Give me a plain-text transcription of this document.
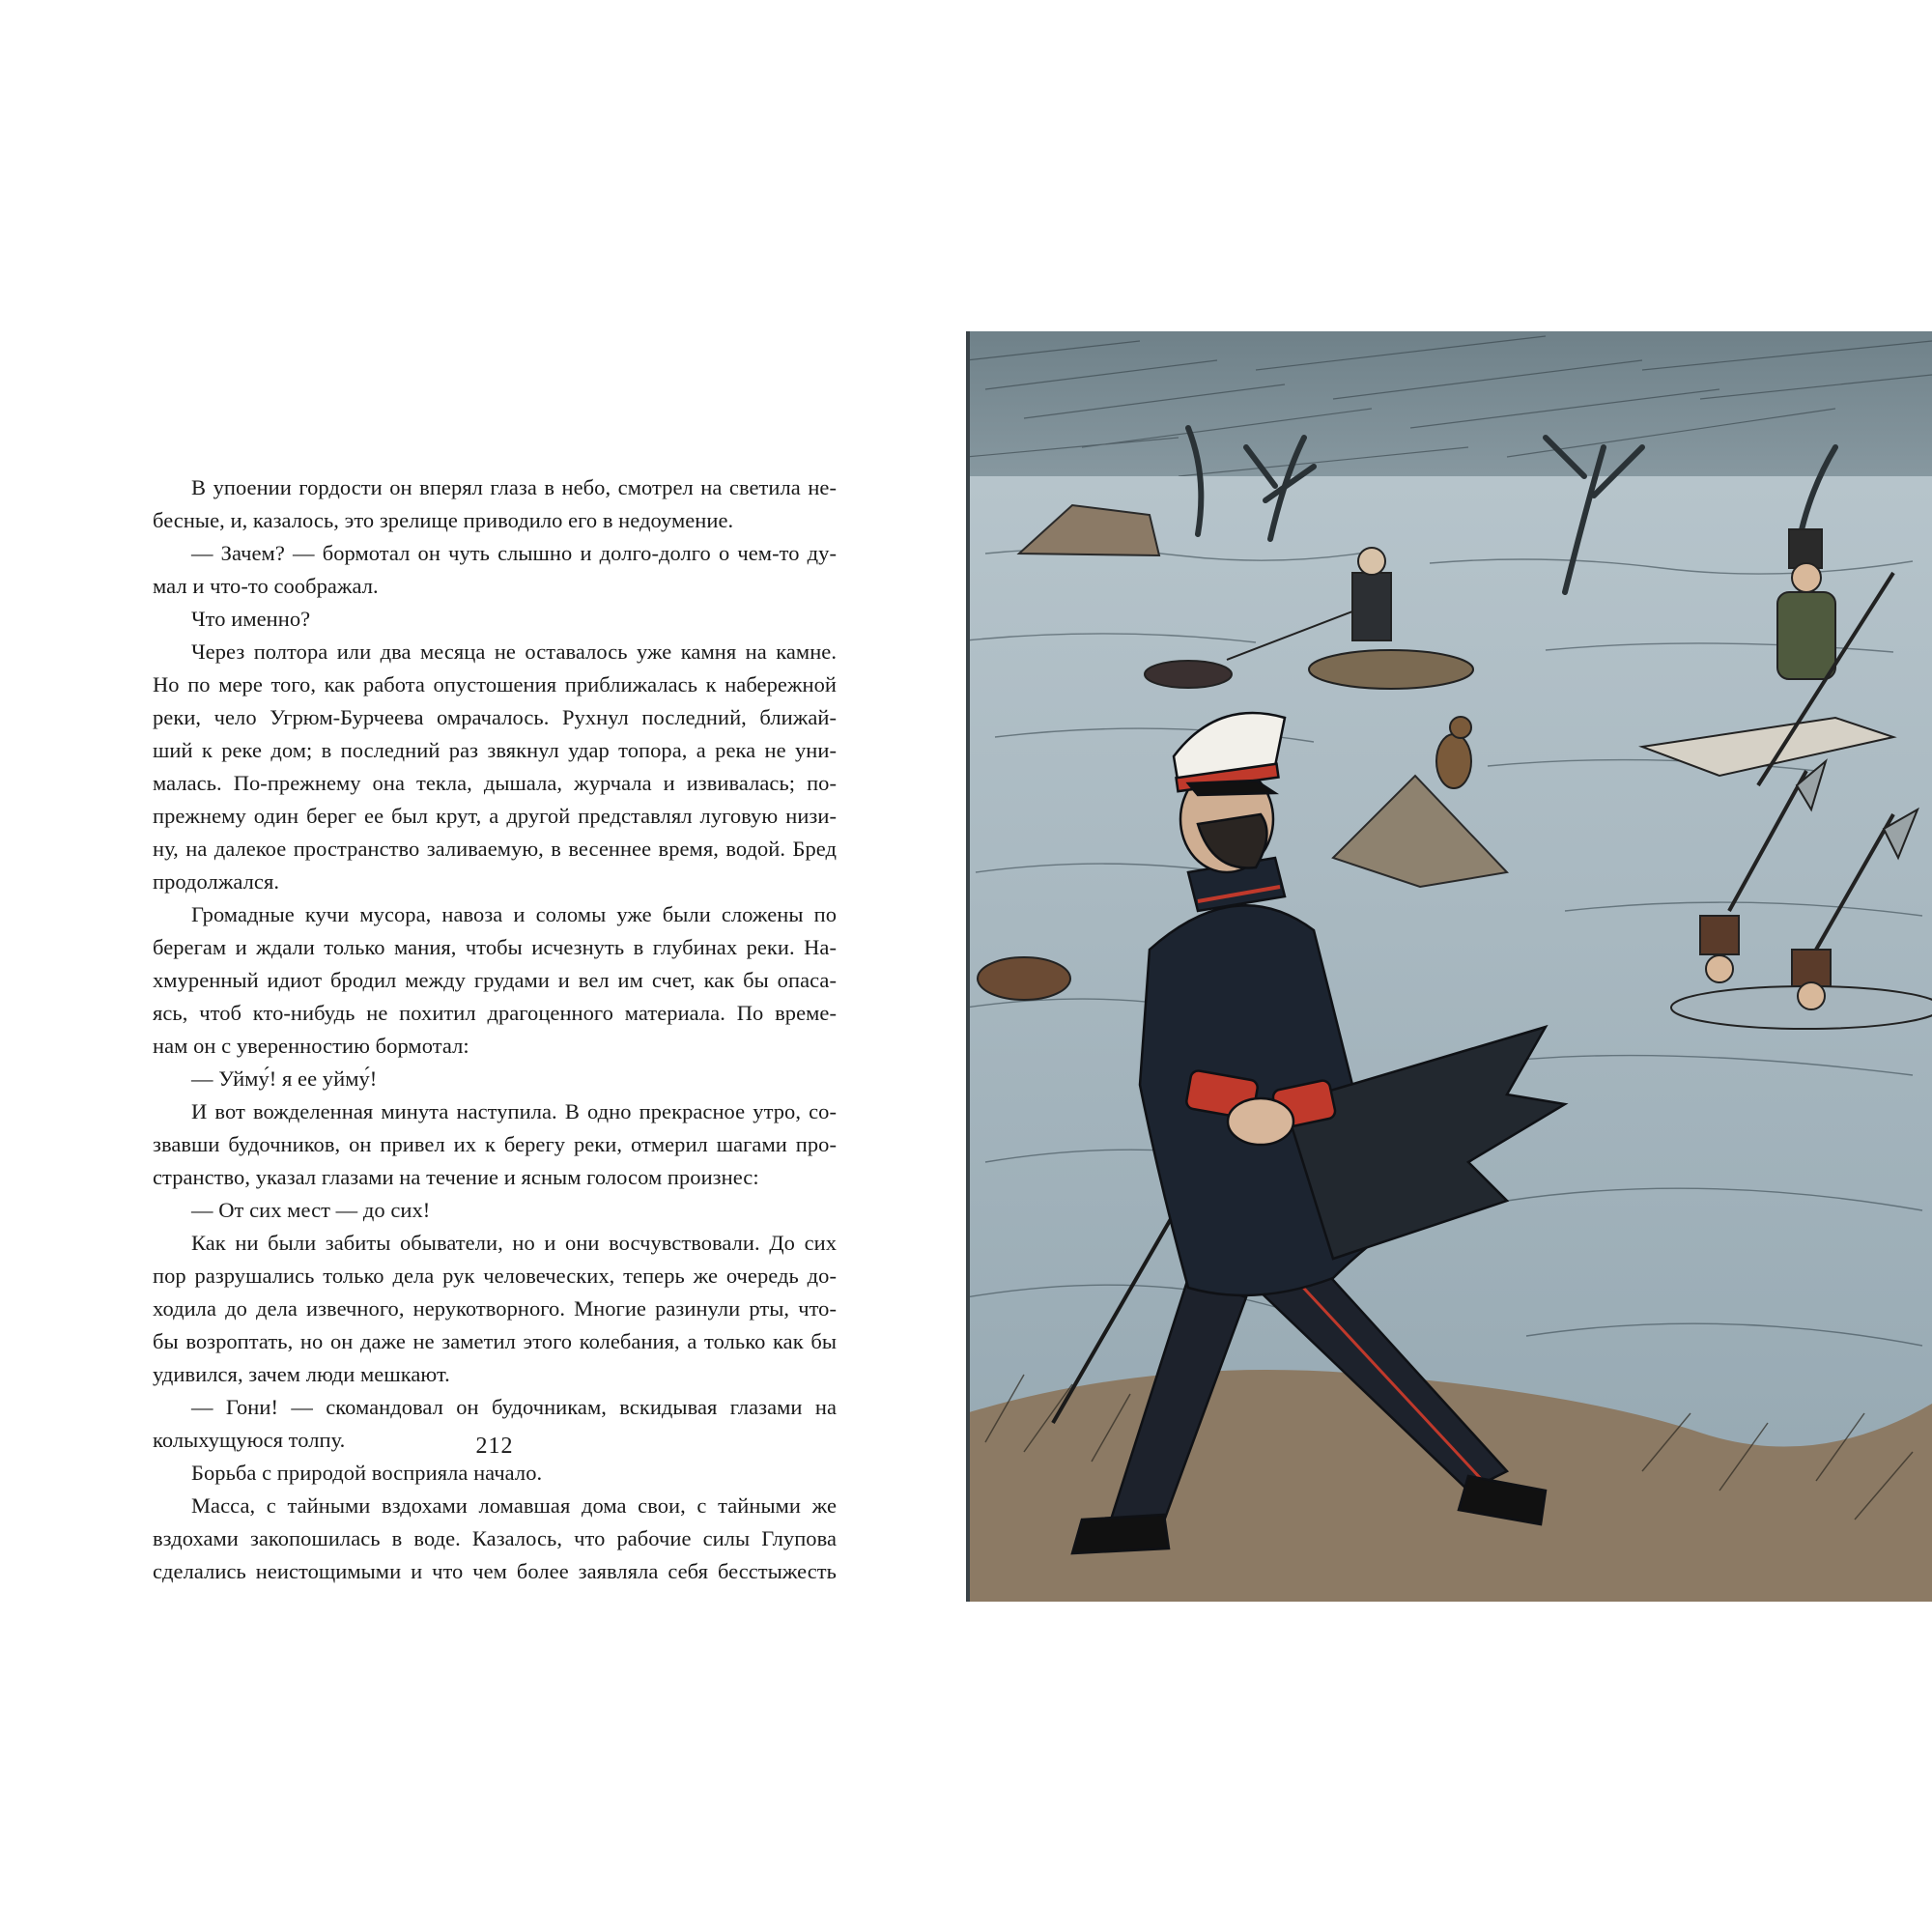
В упоении гордости он вперял глаза в небо, смотрел на светила не-
бесные, и, казалось, это зрелище приводило его в недоумение.
— Зачем? — бормотал он чуть слышно и долго-долго о чем-то ду-
мал и что-то соображал.
Что именно?
Через полтора или два месяца не оставалось уже камня на камне.
Но по мере того, как работа опустошения приближалась к набережной
реки, чело Угрюм-Бурчеева омрачалось. Рухнул последний, ближай-
ший к реке дом; в последний раз звякнул удар топора, а река не уни-
малась. По-прежнему она текла, дышала, журчала и извивалась; по-
прежнему один берег ее был крут, а другой представлял луговую низи-
ну, на далекое пространство заливаемую, в весеннее время, водой. Бред
продолжался.
Громадные кучи мусора, навоза и соломы уже были сложены по
берегам и ждали только мания, чтобы исчезнуть в глубинах реки. На-
хмуренный идиот бродил между грудами и вел им счет, как бы опаса-
ясь, чтоб кто-нибудь не похитил драгоценного материала. По време-
нам он с уверенностию бормотал:
— Уйму́! я ее уйму́!
И вот вожделенная минута наступила. В одно прекрасное утро, со-
звавши будочников, он привел их к берегу реки, отмерил шагами про-
странство, указал глазами на течение и ясным голосом произнес:
— От сих мест — до сих!
Как ни были забиты обыватели, но и они восчувствовали. До сих
пор разрушались только дела рук человеческих, теперь же очередь до-
ходила до дела извечного, нерукотворного. Многие разинули рты, что-
бы возроптать, но он даже не заметил этого колебания, а только как бы
удивился, зачем люди мешкают.
— Гони! — скомандовал он будочникам, вскидывая глазами на
колыхущуюся толпу.
Борьба с природой восприяла начало.
Масса, с тайными вздохами ломавшая дома свои, с тайными же
вздохами закопошилась в воде. Казалось, что рабочие силы Глупова
сделались неистощимыми и что чем более заявляла себя бесстыжесть
212
